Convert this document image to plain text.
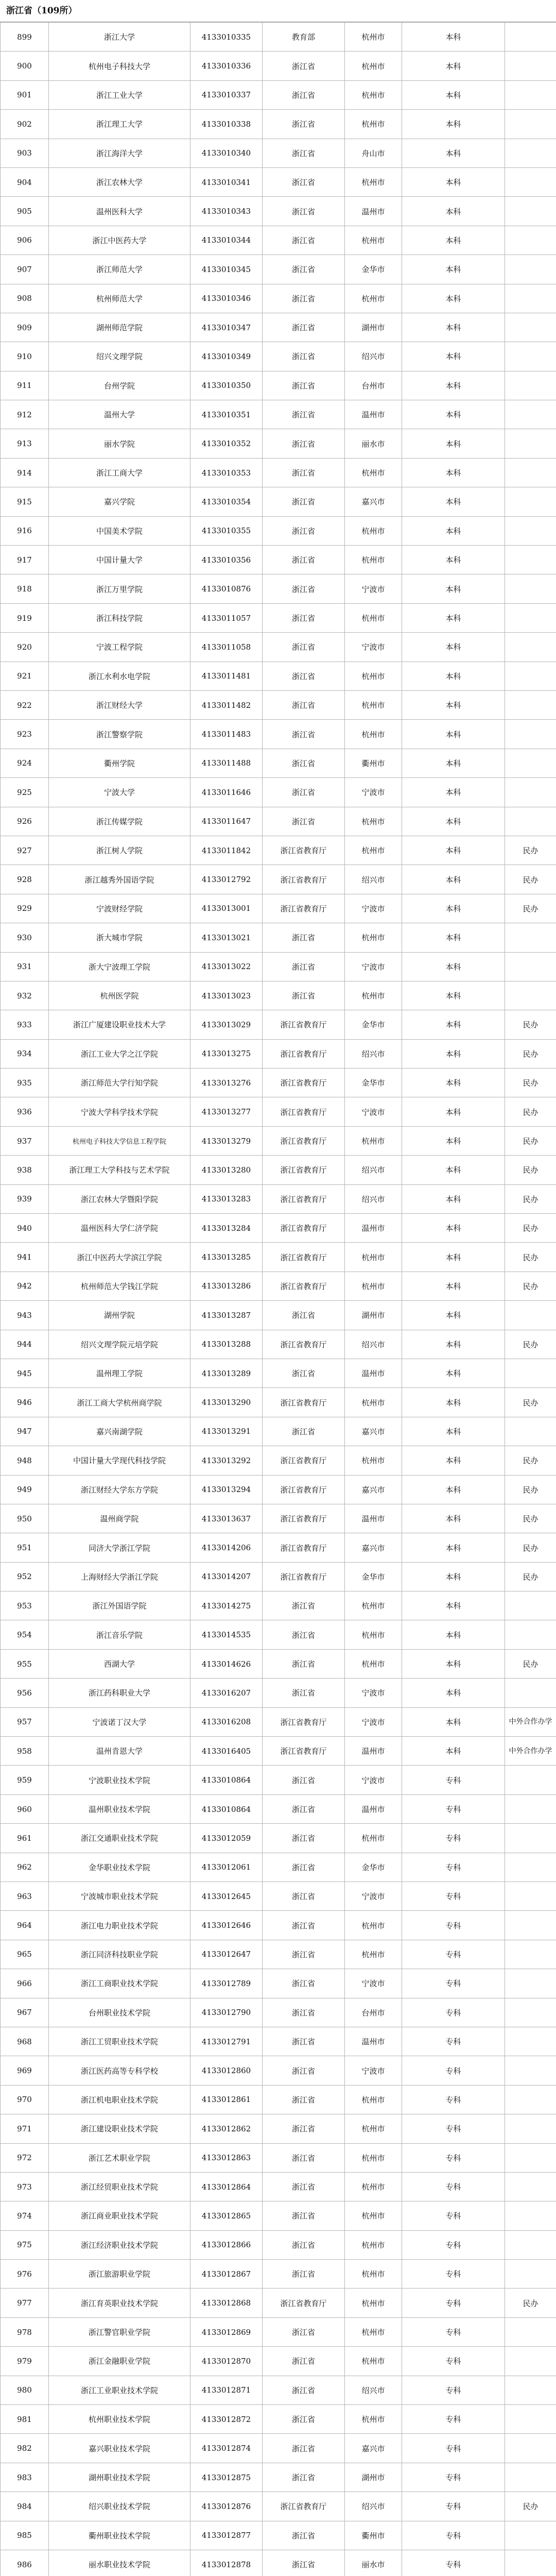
浙江省（109所）
899	浙江大学	4133010335	教育部	杭州市	本科	
900	杭州电子科技大学	4133010336	浙江省	杭州市	本科	
901	浙江工业大学	4133010337	浙江省	杭州市	本科	
902	浙江理工大学	4133010338	浙江省	杭州市	本科	
903	浙江海洋大学	4133010340	浙江省	舟山市	本科	
904	浙江农林大学	4133010341	浙江省	杭州市	本科	
905	温州医科大学	4133010343	浙江省	温州市	本科	
906	浙江中医药大学	4133010344	浙江省	杭州市	本科	
907	浙江师范大学	4133010345	浙江省	金华市	本科	
908	杭州师范大学	4133010346	浙江省	杭州市	本科	
909	湖州师范学院	4133010347	浙江省	湖州市	本科	
910	绍兴文理学院	4133010349	浙江省	绍兴市	本科	
911	台州学院	4133010350	浙江省	台州市	本科	
912	温州大学	4133010351	浙江省	温州市	本科	
913	丽水学院	4133010352	浙江省	丽水市	本科	
914	浙江工商大学	4133010353	浙江省	杭州市	本科	
915	嘉兴学院	4133010354	浙江省	嘉兴市	本科	
916	中国美术学院	4133010355	浙江省	杭州市	本科	
917	中国计量大学	4133010356	浙江省	杭州市	本科	
918	浙江万里学院	4133010876	浙江省	宁波市	本科	
919	浙江科技学院	4133011057	浙江省	杭州市	本科	
920	宁波工程学院	4133011058	浙江省	宁波市	本科	
921	浙江水利水电学院	4133011481	浙江省	杭州市	本科	
922	浙江财经大学	4133011482	浙江省	杭州市	本科	
923	浙江警察学院	4133011483	浙江省	杭州市	本科	
924	衢州学院	4133011488	浙江省	衢州市	本科	
925	宁波大学	4133011646	浙江省	宁波市	本科	
926	浙江传媒学院	4133011647	浙江省	杭州市	本科	
927	浙江树人学院	4133011842	浙江省教育厅	杭州市	本科	民办
928	浙江越秀外国语学院	4133012792	浙江省教育厅	绍兴市	本科	民办
929	宁波财经学院	4133013001	浙江省教育厅	宁波市	本科	民办
930	浙大城市学院	4133013021	浙江省	杭州市	本科	
931	浙大宁波理工学院	4133013022	浙江省	宁波市	本科	
932	杭州医学院	4133013023	浙江省	杭州市	本科	
933	浙江广厦建设职业技术大学	4133013029	浙江省教育厅	金华市	本科	民办
934	浙江工业大学之江学院	4133013275	浙江省教育厅	绍兴市	本科	民办
935	浙江师范大学行知学院	4133013276	浙江省教育厅	金华市	本科	民办
936	宁波大学科学技术学院	4133013277	浙江省教育厅	宁波市	本科	民办
937	杭州电子科技大学信息工程学院	4133013279	浙江省教育厅	杭州市	本科	民办
938	浙江理工大学科技与艺术学院	4133013280	浙江省教育厅	绍兴市	本科	民办
939	浙江农林大学暨阳学院	4133013283	浙江省教育厅	绍兴市	本科	民办
940	温州医科大学仁济学院	4133013284	浙江省教育厅	温州市	本科	民办
941	浙江中医药大学滨江学院	4133013285	浙江省教育厅	杭州市	本科	民办
942	杭州师范大学钱江学院	4133013286	浙江省教育厅	杭州市	本科	民办
943	湖州学院	4133013287	浙江省	湖州市	本科	
944	绍兴文理学院元培学院	4133013288	浙江省教育厅	绍兴市	本科	民办
945	温州理工学院	4133013289	浙江省	温州市	本科	
946	浙江工商大学杭州商学院	4133013290	浙江省教育厅	杭州市	本科	民办
947	嘉兴南湖学院	4133013291	浙江省	嘉兴市	本科	
948	中国计量大学现代科技学院	4133013292	浙江省教育厅	杭州市	本科	民办
949	浙江财经大学东方学院	4133013294	浙江省教育厅	嘉兴市	本科	民办
950	温州商学院	4133013637	浙江省教育厅	温州市	本科	民办
951	同济大学浙江学院	4133014206	浙江省教育厅	嘉兴市	本科	民办
952	上海财经大学浙江学院	4133014207	浙江省教育厅	金华市	本科	民办
953	浙江外国语学院	4133014275	浙江省	杭州市	本科	
954	浙江音乐学院	4133014535	浙江省	杭州市	本科	
955	西湖大学	4133014626	浙江省	杭州市	本科	民办
956	浙江药科职业大学	4133016207	浙江省	宁波市	本科	
957	宁波诺丁汉大学	4133016208	浙江省教育厅	宁波市	本科	中外合作办学
958	温州肯恩大学	4133016405	浙江省教育厅	温州市	本科	中外合作办学
959	宁波职业技术学院	4133010864	浙江省	宁波市	专科	
960	温州职业技术学院	4133010864	浙江省	温州市	专科	
961	浙江交通职业技术学院	4133012059	浙江省	杭州市	专科	
962	金华职业技术学院	4133012061	浙江省	金华市	专科	
963	宁波城市职业技术学院	4133012645	浙江省	宁波市	专科	
964	浙江电力职业技术学院	4133012646	浙江省	杭州市	专科	
965	浙江同济科技职业学院	4133012647	浙江省	杭州市	专科	
966	浙江工商职业技术学院	4133012789	浙江省	宁波市	专科	
967	台州职业技术学院	4133012790	浙江省	台州市	专科	
968	浙江工贸职业技术学院	4133012791	浙江省	温州市	专科	
969	浙江医药高等专科学校	4133012860	浙江省	宁波市	专科	
970	浙江机电职业技术学院	4133012861	浙江省	杭州市	专科	
971	浙江建设职业技术学院	4133012862	浙江省	杭州市	专科	
972	浙江艺术职业学院	4133012863	浙江省	杭州市	专科	
973	浙江经贸职业技术学院	4133012864	浙江省	杭州市	专科	
974	浙江商业职业技术学院	4133012865	浙江省	杭州市	专科	
975	浙江经济职业技术学院	4133012866	浙江省	杭州市	专科	
976	浙江旅游职业学院	4133012867	浙江省	杭州市	专科	
977	浙江育英职业技术学院	4133012868	浙江省教育厅	杭州市	专科	民办
978	浙江警官职业学院	4133012869	浙江省	杭州市	专科	
979	浙江金融职业学院	4133012870	浙江省	杭州市	专科	
980	浙江工业职业技术学院	4133012871	浙江省	绍兴市	专科	
981	杭州职业技术学院	4133012872	浙江省	杭州市	专科	
982	嘉兴职业技术学院	4133012874	浙江省	嘉兴市	专科	
983	湖州职业技术学院	4133012875	浙江省	湖州市	专科	
984	绍兴职业技术学院	4133012876	浙江省教育厅	绍兴市	专科	民办
985	衢州职业技术学院	4133012877	浙江省	衢州市	专科	
986	丽水职业技术学院	4133012878	浙江省	丽水市	专科	
